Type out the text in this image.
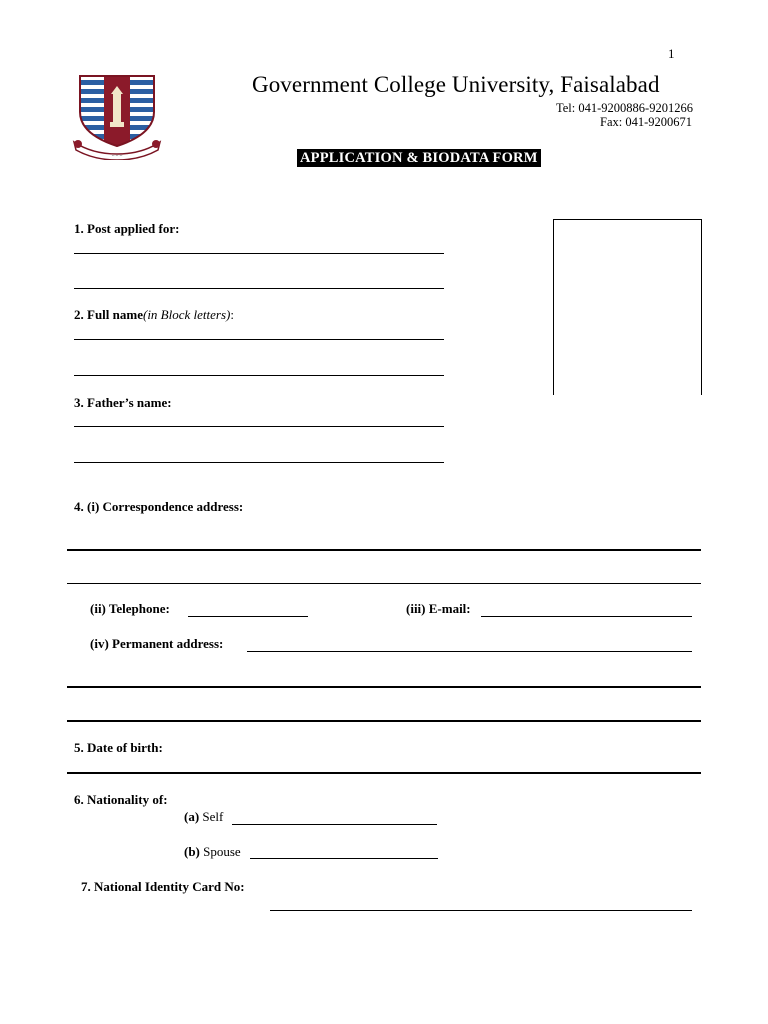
1
~ ~ ~
Government College University, Faisalabad
Tel: 041-9200886-9201266
Fax: 041-9200671
APPLICATION & BIODATA FORM
1. Post applied for:
2. Full name(in Block letters):
3. Father’s name:
4. (i) Correspondence address:
(ii) Telephone:	(iii) E-mail:
(iv) Permanent address:
5. Date of birth:
6. Nationality of:
(a) Self
(b) Spouse
7. National Identity Card No:
